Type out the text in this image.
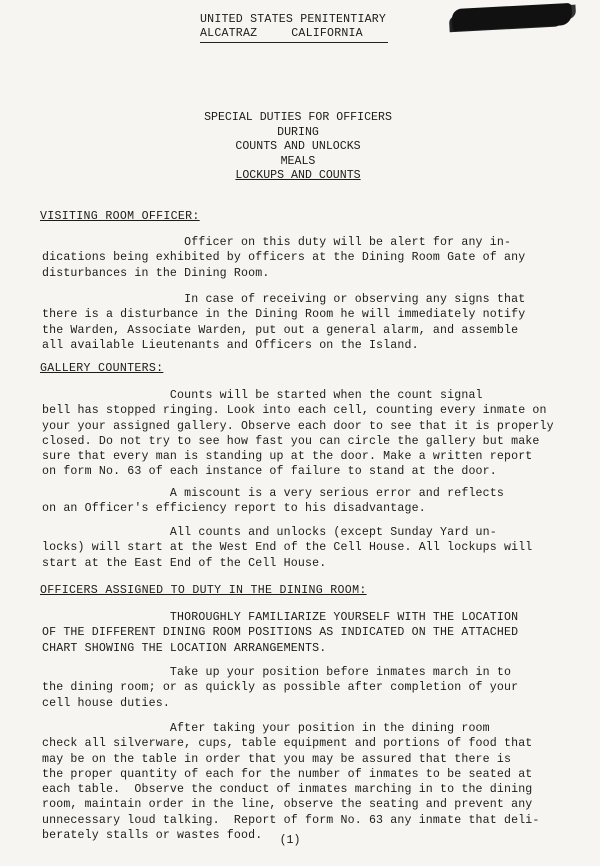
UNITED STATES PENITENTIARY
ALCATRAZ	CALIFORNIA
SPECIAL DUTIES FOR OFFICERS
DURING
COUNTS AND UNLOCKS
MEALS
LOCKUPS AND COUNTS
VISITING ROOM OFFICER:
Officer on this duty will be alert for any in-
dications being exhibited by officers at the Dining Room Gate of any
disturbances in the Dining Room.
In case of receiving or observing any signs that
there is a disturbance in the Dining Room he will immediately notify
the Warden, Associate Warden, put out a general alarm, and assemble
all available Lieutenants and Officers on the Island.
GALLERY COUNTERS:
Counts will be started when the count signal
bell has stopped ringing. Look into each cell, counting every inmate on
your your assigned gallery. Observe each door to see that it is properly
closed. Do not try to see how fast you can circle the gallery but make
sure that every man is standing up at the door. Make a written report
on form No. 63 of each instance of failure to stand at the door.
A miscount is a very serious error and reflects
on an Officer's efficiency report to his disadvantage.
All counts and unlocks (except Sunday Yard un-
locks) will start at the West End of the Cell House. All lockups will
start at the East End of the Cell House.
OFFICERS ASSIGNED TO DUTY IN THE DINING ROOM:
THOROUGHLY FAMILIARIZE YOURSELF WITH THE LOCATION
OF THE DIFFERENT DINING ROOM POSITIONS AS INDICATED ON THE ATTACHED
CHART SHOWING THE LOCATION ARRANGEMENTS.
Take up your position before inmates march in to
the dining room; or as quickly as possible after completion of your
cell house duties.
After taking your position in the dining room
check all silverware, cups, table equipment and portions of food that
may be on the table in order that you may be assured that there is
the proper quantity of each for the number of inmates to be seated at
each table.  Observe the conduct of inmates marching in to the dining
room, maintain order in the line, observe the seating and prevent any
unnecessary loud talking.  Report of form No. 63 any inmate that deli-
berately stalls or wastes food.	(1)
